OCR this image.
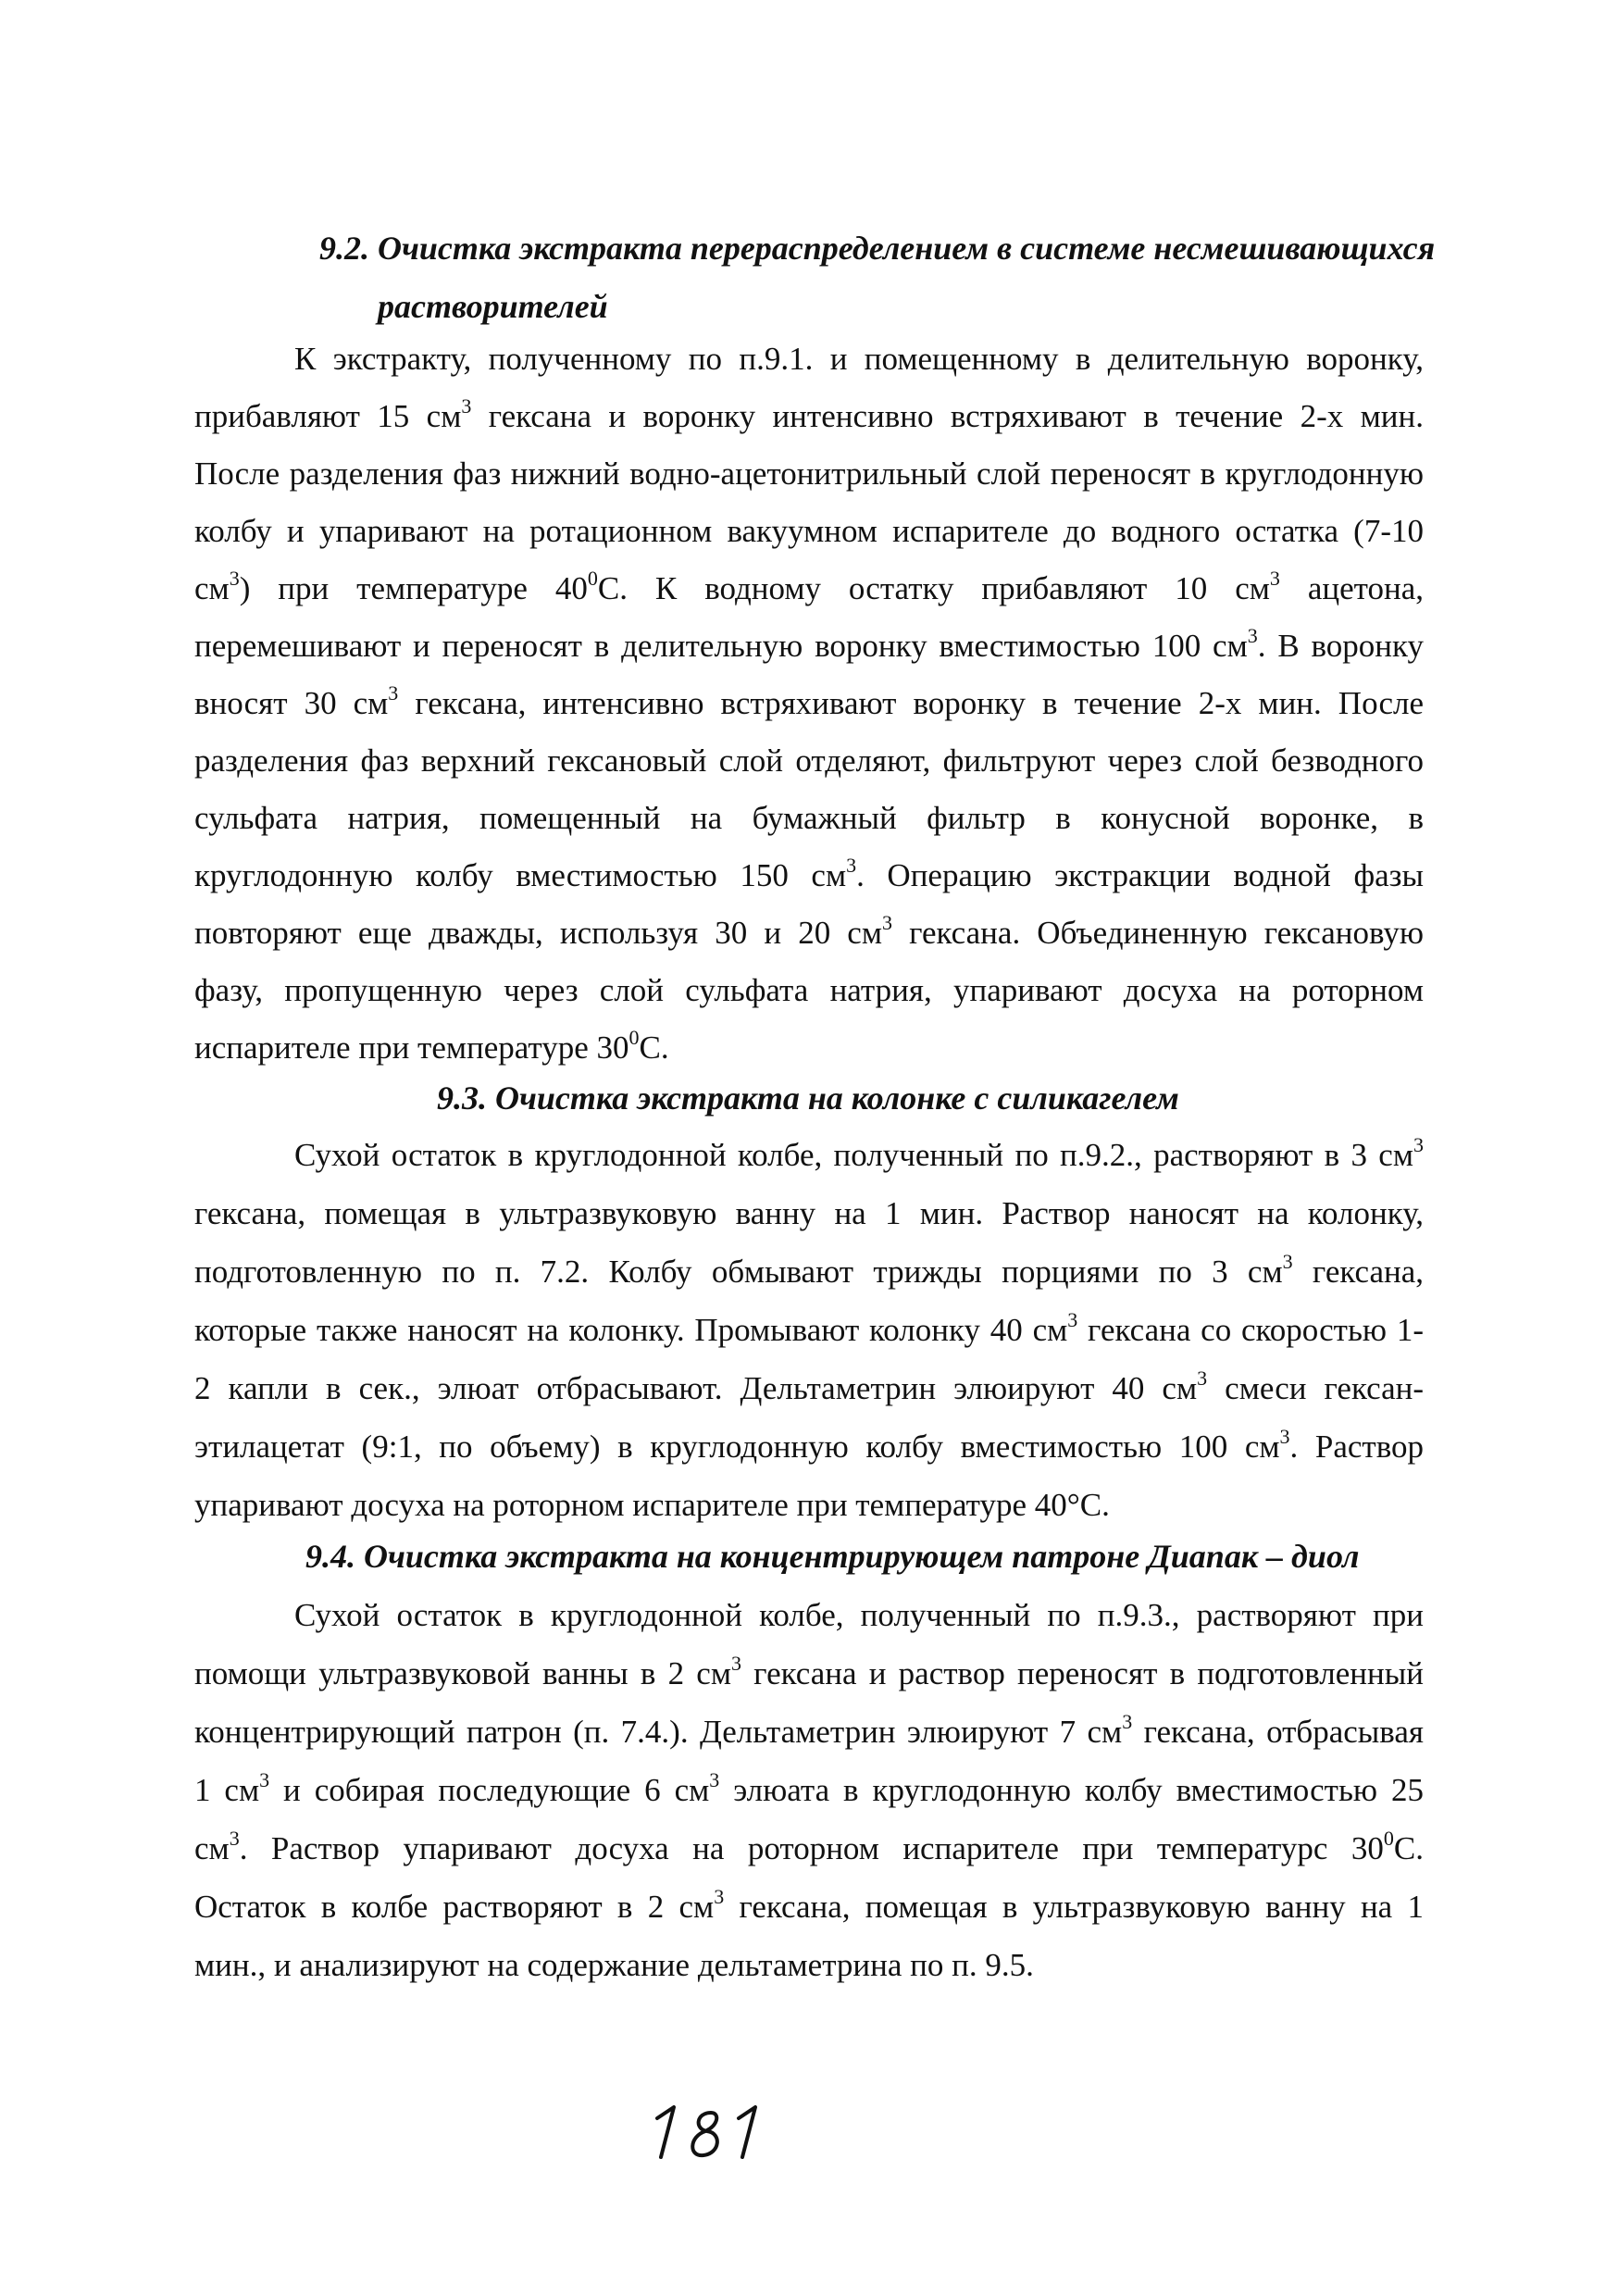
9.2. Очистка экстракта перераспределением в системе несмешивающихся

растворителей

К экстракту, полученному по п.9.1. и помещенному в делительную воронку,

прибавляют 15 $см^3$ гексана и воронку интенсивно встряхивают в течение 2-х мин.

После разделения фаз нижний водно-ацетонитрильный слой переносят в круглодонную

колбу и упаривают на ротационном вакуумном испарителе до водного остатка (7-10

$см^3$) при температуре $40^0С$. К водному остатку прибавляют 10 $см^3$ ацетона,

перемешивают и переносят в делительную воронку вместимостью 100 $см^3$. В воронку

вносят 30 $см^3$ гексана, интенсивно встряхивают воронку в течение 2-х мин. После

разделения фаз верхний гексановый слой отделяют, фильтруют через слой безводного

сульфата натрия, помещенный на бумажный фильтр в конусной воронке, в

круглодонную колбу вместимостью 150 $см^3$. Операцию экстракции водной фазы

повторяют еще дважды, используя 30 и 20 $см^3$ гексана. Объединенную гексановую

фазу, пропущенную через слой сульфата натрия, упаривают досуха на роторном

испарителе при температуре $30^0С$.

9.3. Очистка экстракта на колонке с силикагелем

Сухой остаток в круглодонной колбе, полученный по п.9.2., растворяют в 3 $см^3$

гексана, помещая в ультразвуковую ванну на 1 мин. Раствор наносят на колонку,

подготовленную по п. 7.2. Колбу обмывают трижды порциями по 3 $см^3$ гексана,

которые также наносят на колонку. Промывают колонку 40 $см^3$ гексана со скоростью 1-

2 капли в сек., элюат отбрасывают. Дельтаметрин элюируют 40 $см^3$ смеси гексан-

этилацетат (9:1, по объему) в круглодонную колбу вместимостью 100 $см^3$. Раствор

упаривают досуха на роторном испарителе при температуре 40°С.

9.4. Очистка экстракта на концентрирующем патроне Диапак – диол

Сухой остаток в круглодонной колбе, полученный по п.9.3., растворяют при

помощи ультразвуковой ванны в 2 $см^3$ гексана и раствор переносят в подготовленный

концентрирующий патрон (п. 7.4.). Дельтаметрин элюируют 7 $см^3$ гексана, отбрасывая

1 $см^3$ и собирая последующие 6 $см^3$ элюата в круглодонную колбу вместимостью 25

$см^3$. Раствор упаривают досуха на роторном испарителе при температурс $30^0С$.

Остаток в колбе растворяют в 2 $см^3$ гексана, помещая в ультразвуковую ванну на 1

мин., и анализируют на содержание дельтаметрина по п. 9.5.
